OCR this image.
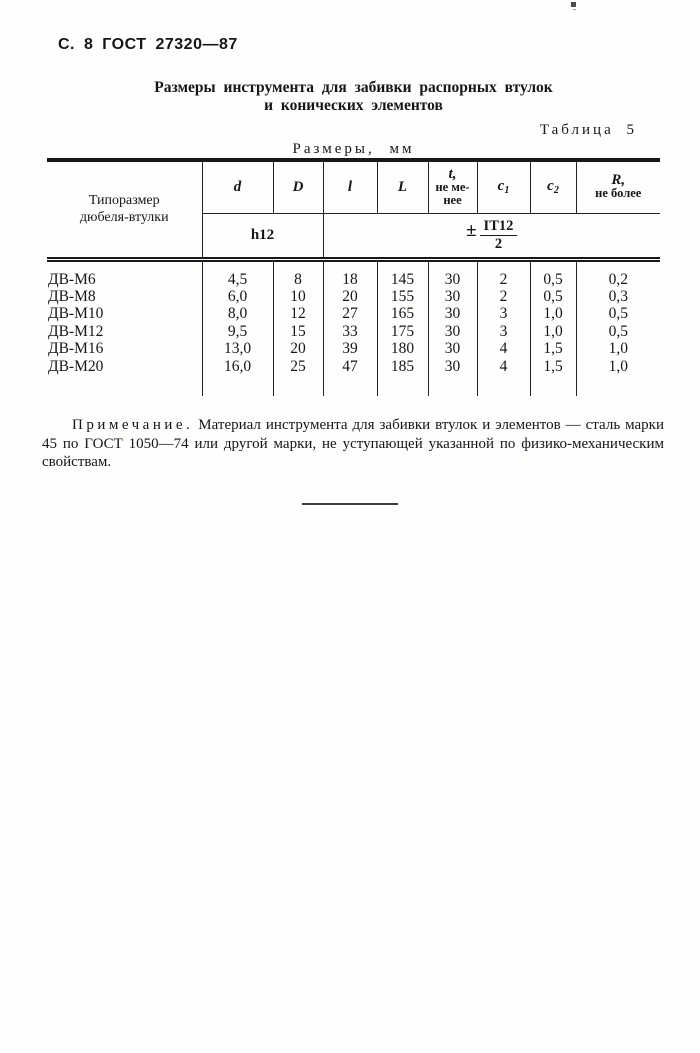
С. 8 ГОСТ 27320—87
Размеры инструмента для забивки распорных втулок
и конических элементов
Таблица 5
Размеры, мм
Типоразмер
дюбеля-втулки	d	D	l	L	t,
не ме-
нее	$c_1$	$c_2$	R,
не более
	h12		± $\frac{IT12}{2}$

ДВ-М6	4,5	8	18	145	30	2	0,5	0,2
ДВ-М8	6,0	10	20	155	30	2	0,5	0,3
ДВ-М10	8,0	12	27	165	30	3	1,0	0,5
ДВ-М12	9,5	15	33	175	30	3	1,0	0,5
ДВ-М16	13,0	20	39	180	30	4	1,5	1,0
ДВ-М20	16,0	25	47	185	30	4	1,5	1,0

Примечание. Материал инструмента для забивки втулок и элементов — сталь марки 45 по ГОСТ 1050—74 или другой марки, не уступающей указанной по физико-механическим свойствам.
